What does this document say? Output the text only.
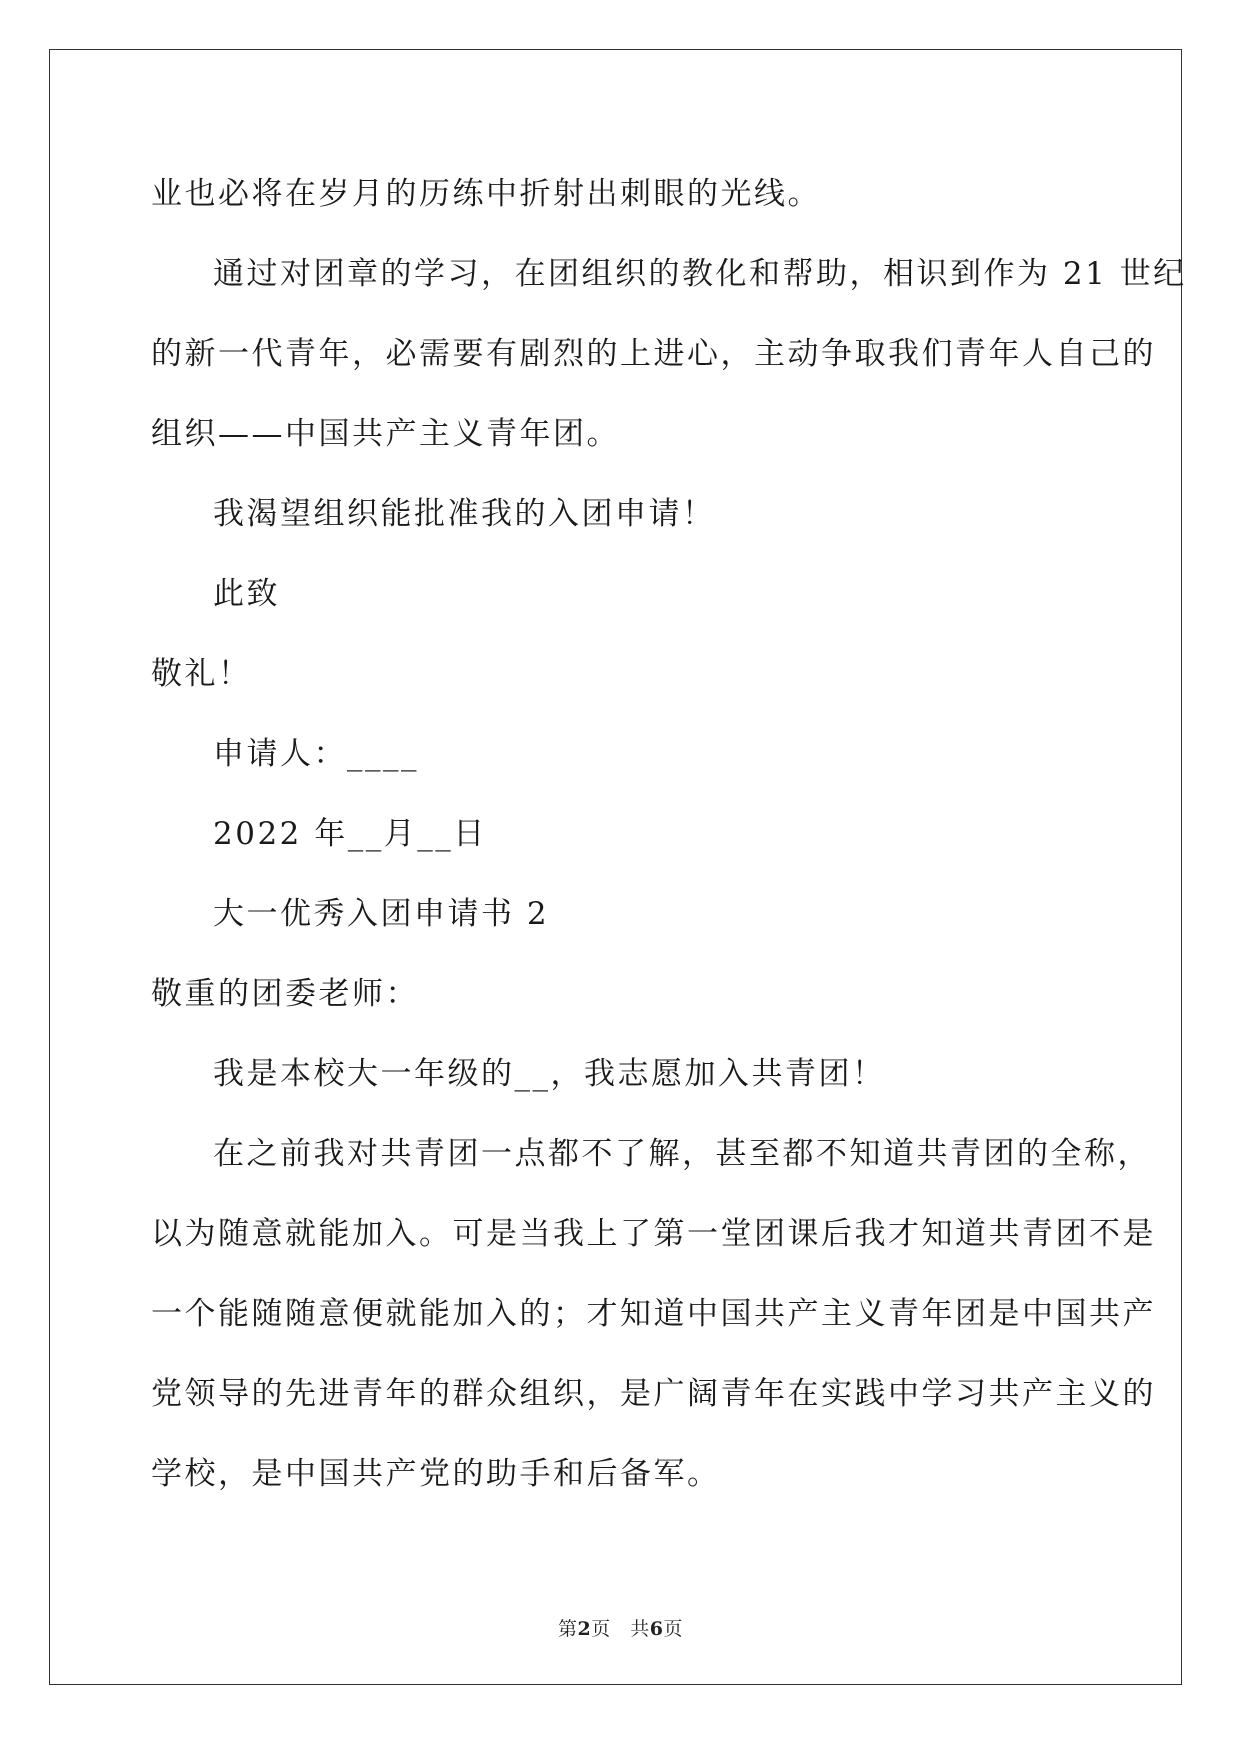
业也必将在岁月的历练中折射出刺眼的光线。
通过对团章的学习，在团组织的教化和帮助，相识到作为 21 世纪
的新一代青年，必需要有剧烈的上进心，主动争取我们青年人自己的
组织——中国共产主义青年团。
我渴望组织能批准我的入团申请！
此致
敬礼！
申请人：____
2022 年__月__日
大一优秀入团申请书 2
敬重的团委老师：
我是本校大一年级的__，我志愿加入共青团！
在之前我对共青团一点都不了解，甚至都不知道共青团的全称，
以为随意就能加入。可是当我上了第一堂团课后我才知道共青团不是
一个能随随意便就能加入的；才知道中国共产主义青年团是中国共产
党领导的先进青年的群众组织，是广阔青年在实践中学习共产主义的
学校，是中国共产党的助手和后备军。
第2页　共6页
